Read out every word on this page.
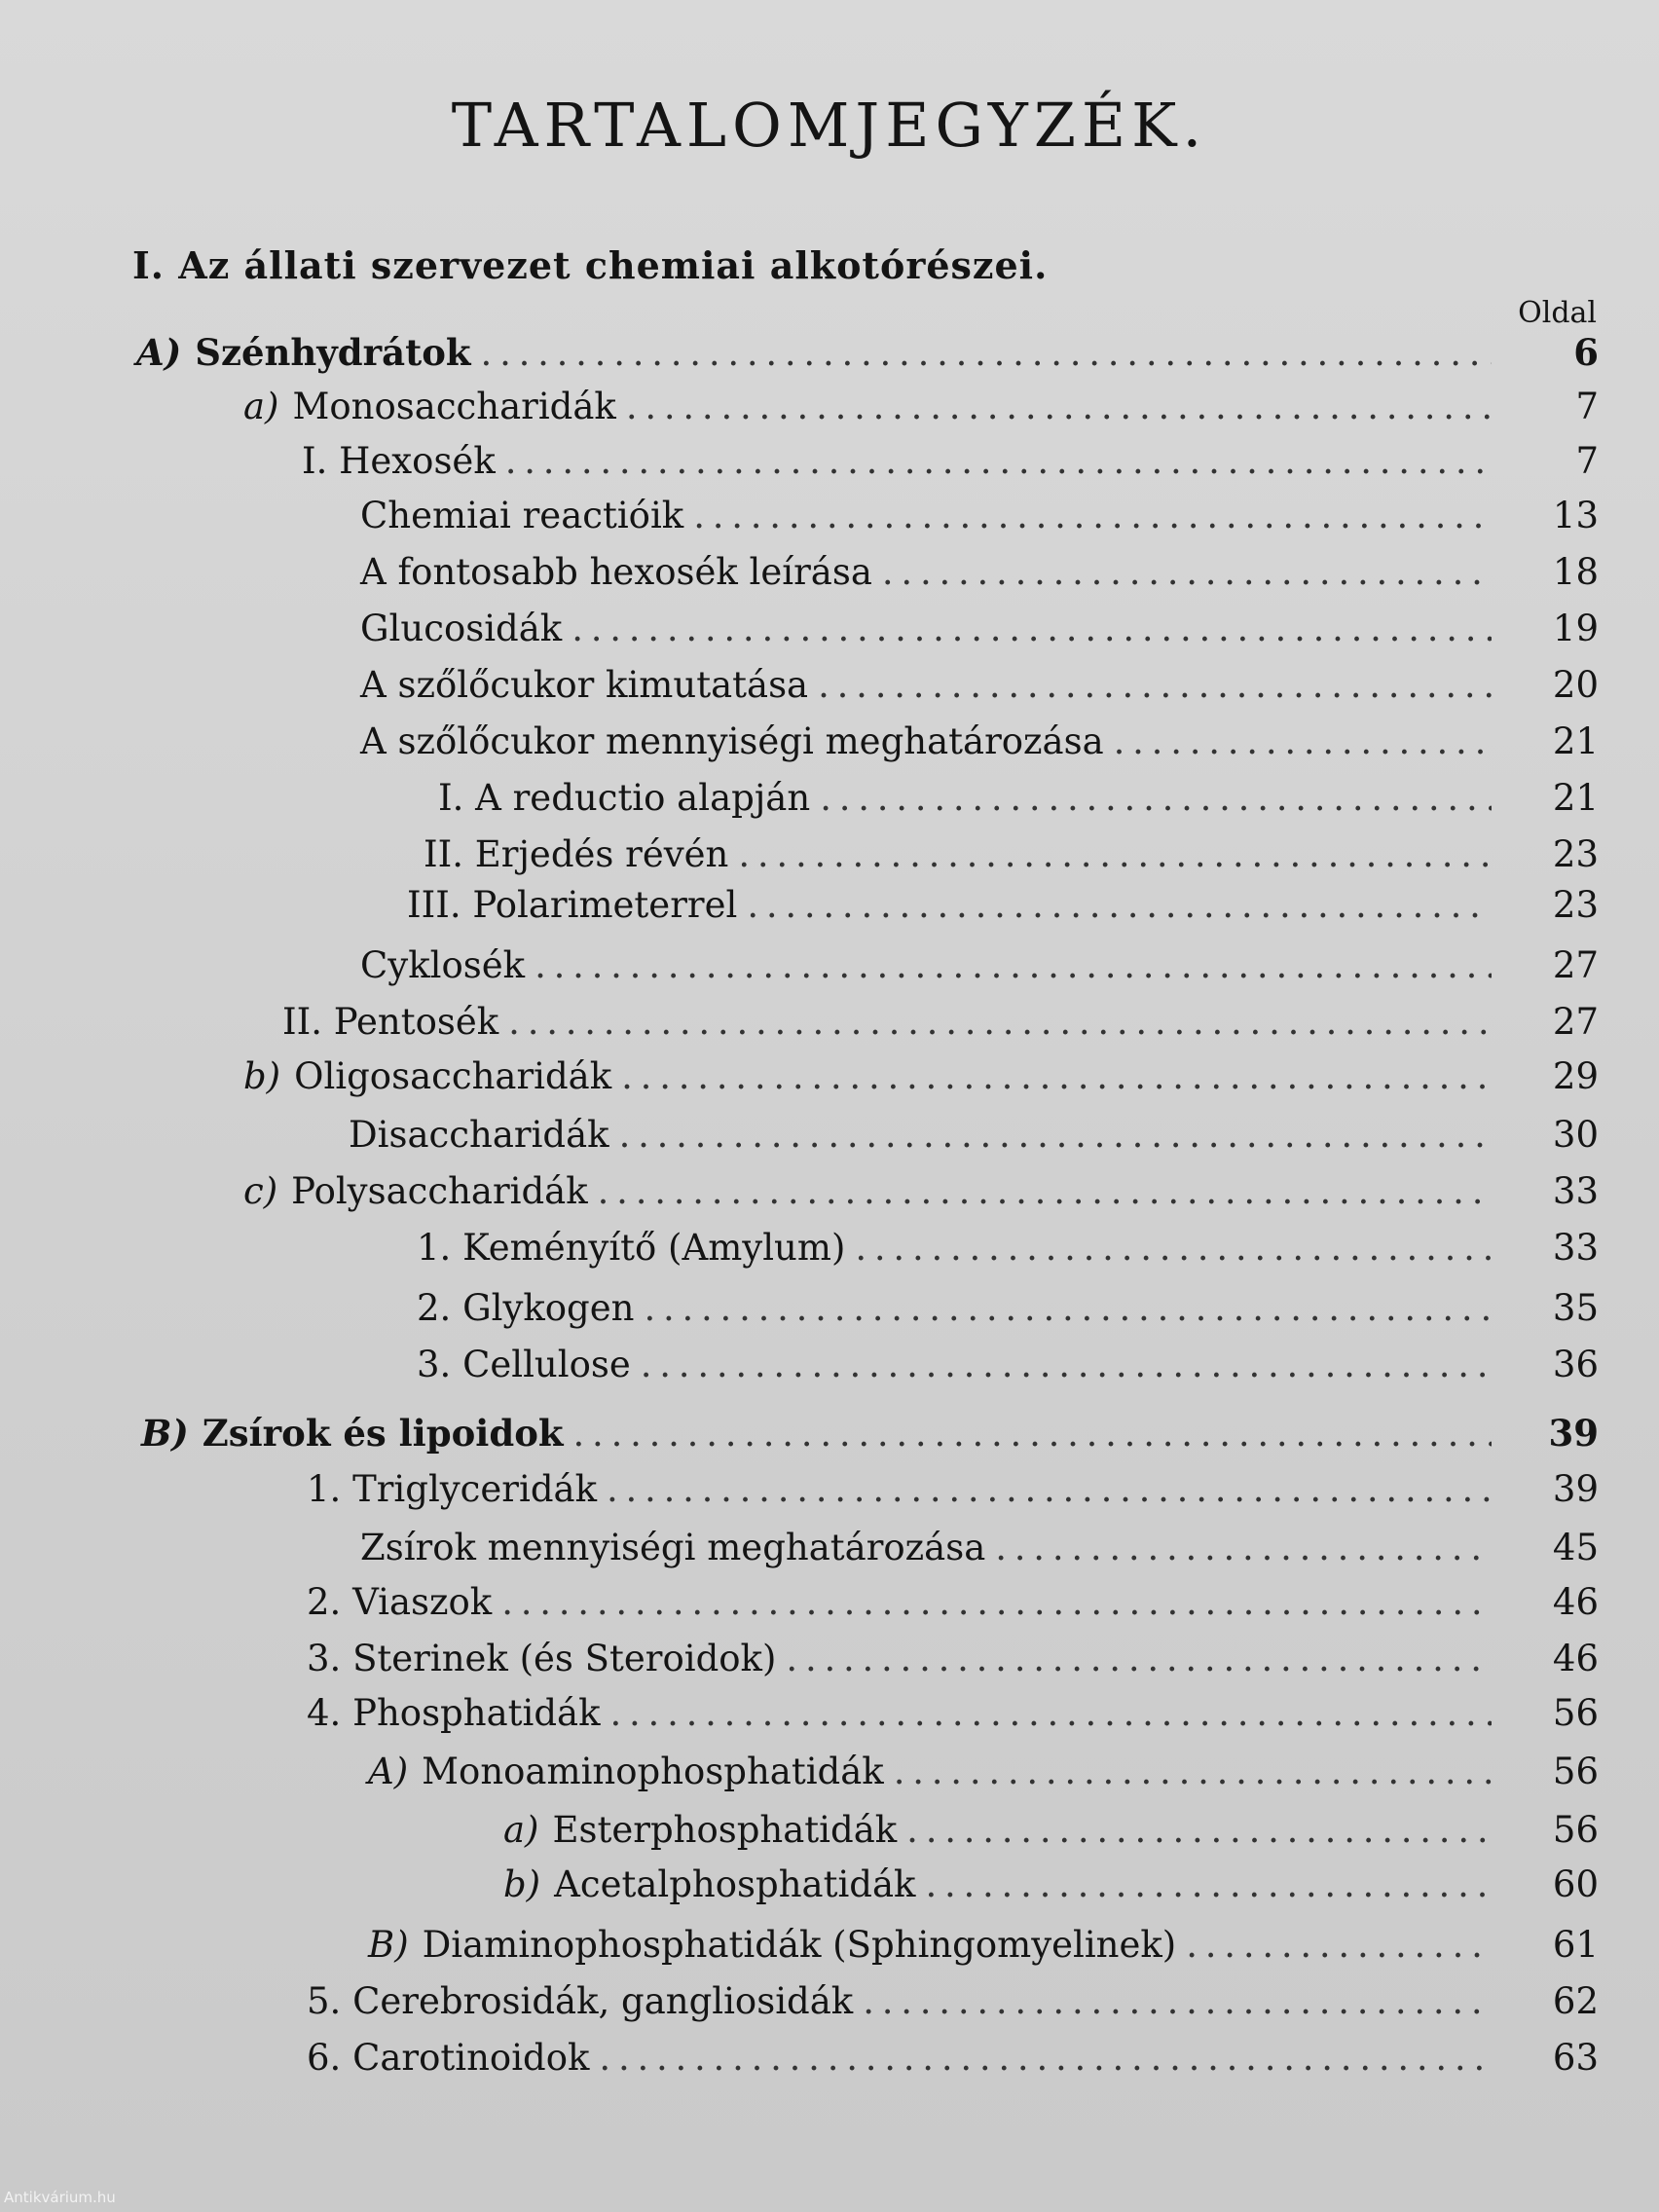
TARTALOMJEGYZÉK.
I. Az állati szervezet chemiai alkotórészei.
Oldal
A) Szénhydrátok . . .	6
a) Monosaccharidák . . .	7
I. Hexosék . . .	7
Chemiai reactióik . . .	13
A fontosabb hexosék leírása . . .	18
Glucosidák . . .	19
A szőlőcukor kimutatása . . .	20
A szőlőcukor mennyiségi meghatározása . . .	21
I. A reductio alapján . . .	21
II. Erjedés révén . . .	23
III. Polarimeterrel . . .	23
Cyklosék . . .	27
II. Pentosék . . .	27
b) Oligosaccharidák . . .	29
Disaccharidák . . .	30
c) Polysaccharidák . . .	33
1. Keményítő (Amylum) . . .	33
2. Glykogen . . .	35
3. Cellulose . . .	36
B) Zsírok és lipoidok . . .	39
1. Triglyceridák . . .	39
Zsírok mennyiségi meghatározása . . .	45
2. Viaszok . . .	46
3. Sterinek (és Steroidok) . . .	46
4. Phosphatidák . . .	56
A) Monoaminophosphatidák . . .	56
a) Esterphosphatidák . . .	56
b) Acetalphosphatidák . . .	60
B) Diaminophosphatidák (Sphingomyelinek) . . .	61
5. Cerebrosidák, gangliosidák . . .	62
6. Carotinoidok . . .	63
Antikvárium.hu
